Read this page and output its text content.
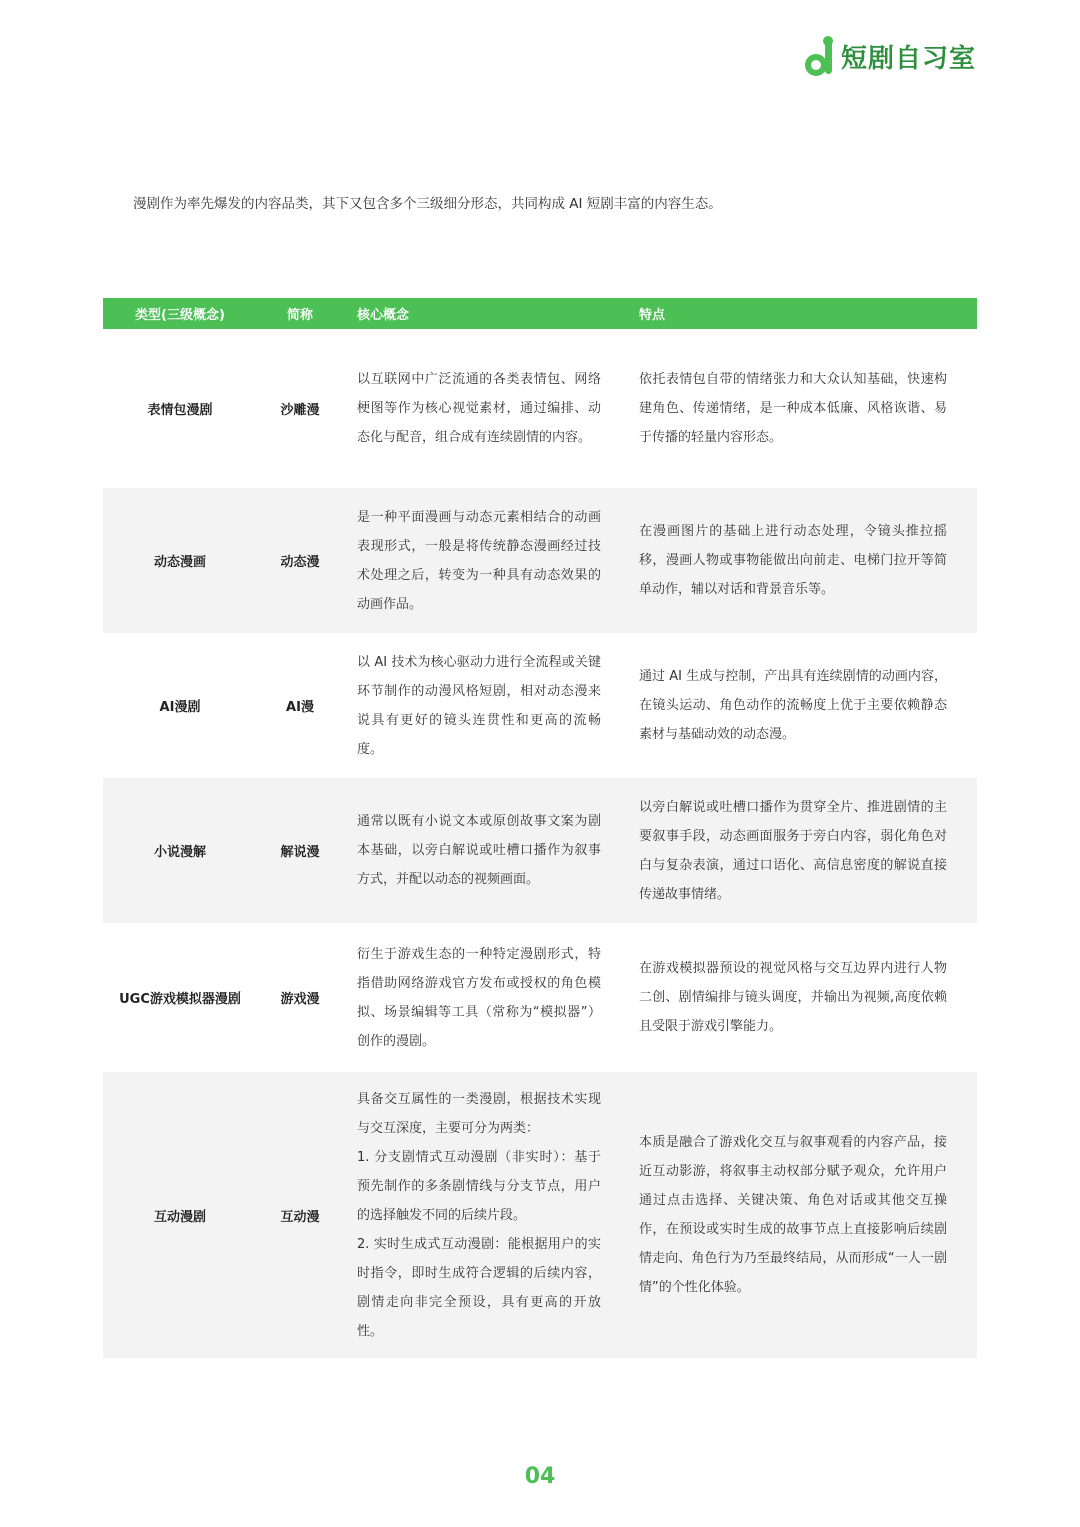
短剧自习室

漫剧作为率先爆发的内容品类，其下又包含多个三级细分形态，共同构成 AI 短剧丰富的内容生态。

类型(三级概念)	简称	核心概念	特点
表情包漫剧	沙雕漫	以互联网中广泛流通的各类表情包、网络梗图等作为核心视觉素材，通过编排、动态化与配音，组合成有连续剧情的内容。	依托表情包自带的情绪张力和大众认知基础，快速构建角色、传递情绪，是一种成本低廉、风格诙谐、易于传播的轻量内容形态。
动态漫画	动态漫	是一种平面漫画与动态元素相结合的动画表现形式，一般是将传统静态漫画经过技术处理之后，转变为一种具有动态效果的动画作品。	在漫画图片的基础上进行动态处理，令镜头推拉摇移，漫画人物或事物能做出向前走、电梯门拉开等简单动作，辅以对话和背景音乐等。
AI漫剧	AI漫	以 AI 技术为核心驱动力进行全流程或关键环节制作的动漫风格短剧，相对动态漫来说具有更好的镜头连贯性和更高的流畅度。	通过 AI 生成与控制，产出具有连续剧情的动画内容，在镜头运动、角色动作的流畅度上优于主要依赖静态素材与基础动效的动态漫。
小说漫解	解说漫	通常以既有小说文本或原创故事文案为剧本基础，以旁白解说或吐槽口播作为叙事方式，并配以动态的视频画面。	以旁白解说或吐槽口播作为贯穿全片、推进剧情的主要叙事手段，动态画面服务于旁白内容，弱化角色对白与复杂表演，通过口语化、高信息密度的解说直接传递故事情绪。
UGC游戏模拟器漫剧	游戏漫	衍生于游戏生态的一种特定漫剧形式，特指借助网络游戏官方发布或授权的角色模拟、场景编辑等工具（常称为“模拟器”）创作的漫剧。	在游戏模拟器预设的视觉风格与交互边界内进行人物二创、剧情编排与镜头调度，并输出为视频,高度依赖且受限于游戏引擎能力。
互动漫剧	互动漫	具备交互属性的一类漫剧，根据技术实现与交互深度，主要可分为两类：
1. 分支剧情式互动漫剧（非实时）：基于预先制作的多条剧情线与分支节点，用户的选择触发不同的后续片段。
2. 实时生成式互动漫剧：能根据用户的实时指令，即时生成符合逻辑的后续内容，剧情走向非完全预设，具有更高的开放性。	本质是融合了游戏化交互与叙事观看的内容产品，接近互动影游，将叙事主动权部分赋予观众，允许用户通过点击选择、关键决策、角色对话或其他交互操作，在预设或实时生成的故事节点上直接影响后续剧情走向、角色行为乃至最终结局，从而形成“一人一剧情”的个性化体验。
04
